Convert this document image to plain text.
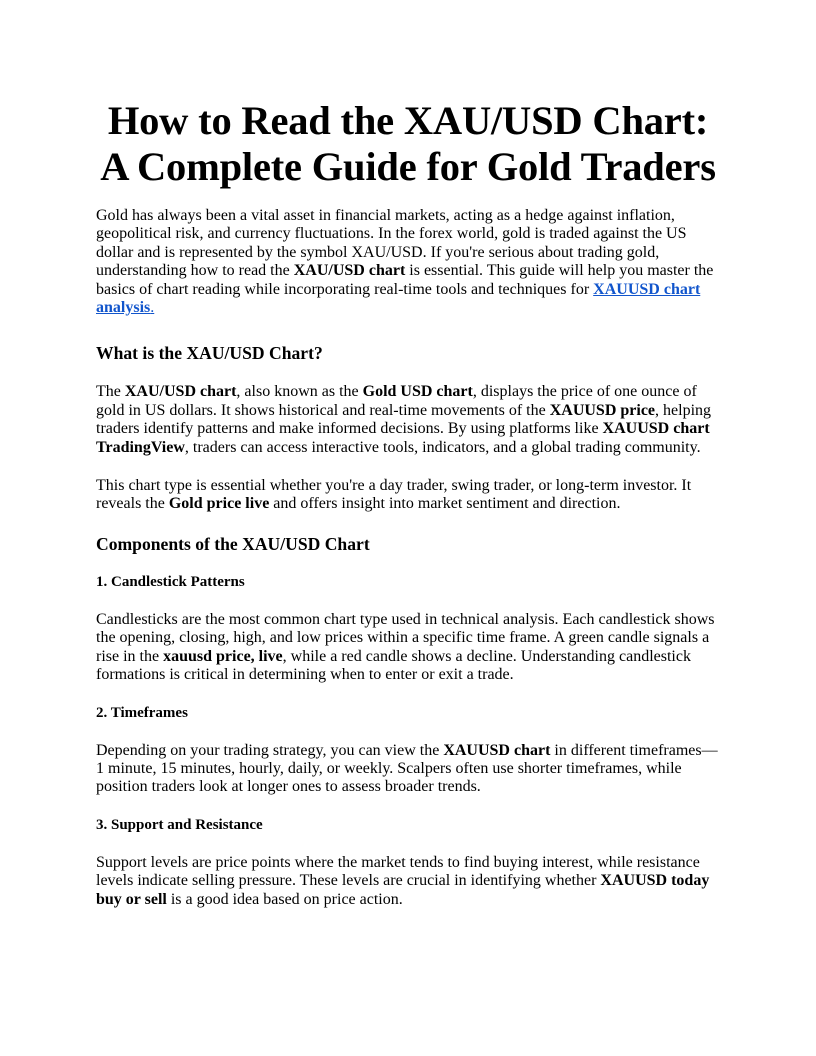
How to Read the XAU/USD Chart: A Complete Guide for Gold Traders

Gold has always been a vital asset in financial markets, acting as a hedge against inflation, geopolitical risk, and currency fluctuations. In the forex world, gold is traded against the US dollar and is represented by the symbol XAU/USD. If you're serious about trading gold, understanding how to read the XAU/USD chart is essential. This guide will help you master the basics of chart reading while incorporating real-time tools and techniques for XAUUSD chart analysis.

What is the XAU/USD Chart?

The XAU/USD chart, also known as the Gold USD chart, displays the price of one ounce of gold in US dollars. It shows historical and real-time movements of the XAUUSD price, helping traders identify patterns and make informed decisions. By using platforms like XAUUSD chart TradingView, traders can access interactive tools, indicators, and a global trading community.

This chart type is essential whether you're a day trader, swing trader, or long-term investor. It reveals the Gold price live and offers insight into market sentiment and direction.

Components of the XAU/USD Chart
1. Candlestick Patterns

Candlesticks are the most common chart type used in technical analysis. Each candlestick shows the opening, closing, high, and low prices within a specific time frame. A green candle signals a rise in the xauusd price, live, while a red candle shows a decline. Understanding candlestick formations is critical in determining when to enter or exit a trade.

2. Timeframes

Depending on your trading strategy, you can view the XAUUSD chart in different timeframes—1 minute, 15 minutes, hourly, daily, or weekly. Scalpers often use shorter timeframes, while position traders look at longer ones to assess broader trends.

3. Support and Resistance

Support levels are price points where the market tends to find buying interest, while resistance levels indicate selling pressure. These levels are crucial in identifying whether XAUUSD today buy or sell is a good idea based on price action.
